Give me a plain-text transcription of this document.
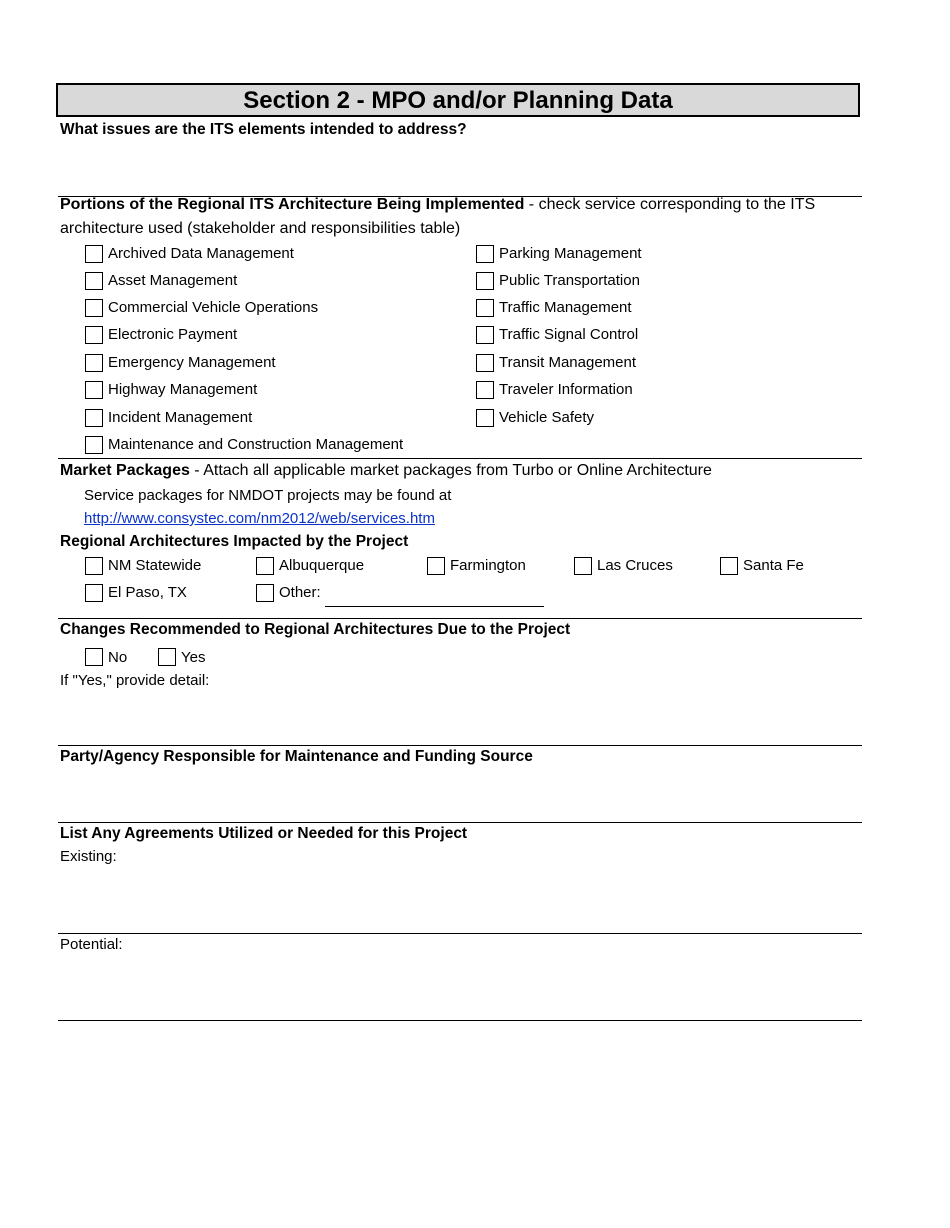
Section 2 - MPO and/or Planning Data
What issues are the ITS elements intended to address?
Portions of the Regional ITS Architecture Being Implemented - check service corresponding to the ITS
architecture used (stakeholder and responsibilities table)
Archived Data Management
Asset Management
Commercial Vehicle Operations
Electronic Payment
Emergency Management
Highway Management
Incident Management
Maintenance and Construction Management
Parking Management
Public Transportation
Traffic Management
Traffic Signal Control
Transit Management
Traveler Information
Vehicle Safety
Market Packages - Attach all applicable market packages from Turbo or Online Architecture
Service packages for NMDOT projects may be found at
http://www.consystec.com/nm2012/web/services.htm
Regional Architectures Impacted by the Project
NM Statewide	Albuquerque	Farmington	Las Cruces	Santa Fe
El Paso, TX	Other:
Changes Recommended to Regional Architectures Due to the Project
No	Yes
If "Yes," provide detail:
Party/Agency Responsible for Maintenance and Funding Source
List Any Agreements Utilized or Needed for this Project
Existing:
Potential:
